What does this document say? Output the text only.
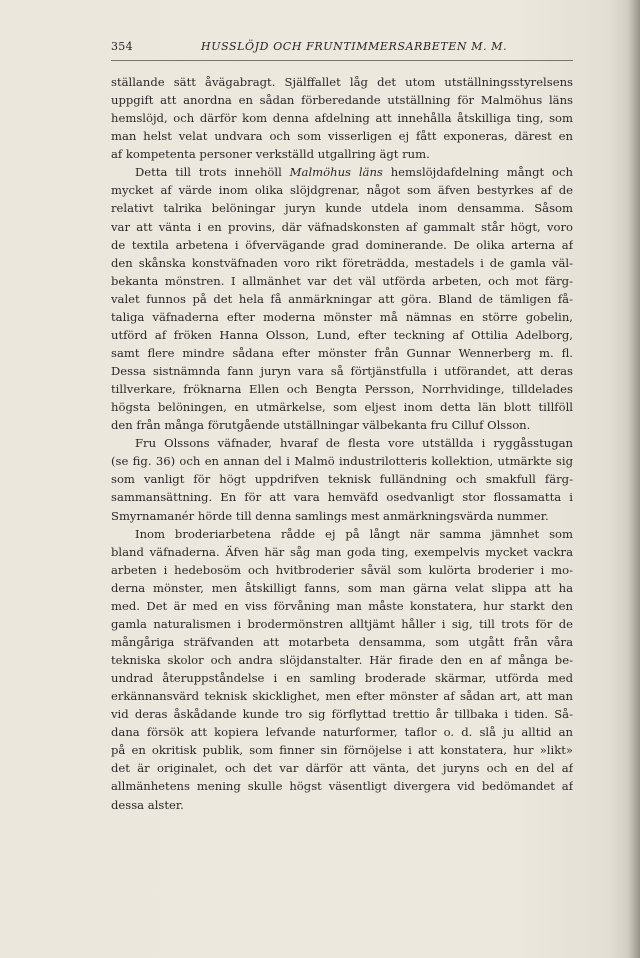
354	HUSSLÖJD OCH FRUNTIMMERSARBETEN M. M.
ställande sätt åvägabragt. Själffallet låg det utom utställningsstyrelsens
uppgift att anordna en sådan förberedande utställning för Malmöhus läns
hemslöjd, och därför kom denna afdelning att innehålla åtskilliga ting, som
man helst velat undvara och som visserligen ej fått exponeras, därest en
af kompetenta personer verkställd utgallring ägt rum.
Detta till trots innehöll Malmöhus läns hemslöjdafdelning mångt och
mycket af värde inom olika slöjdgrenar, något som äfven bestyrkes af de
relativt talrika belöningar juryn kunde utdela inom densamma. Såsom
var att vänta i en provins, där väfnadskonsten af gammalt står högt, voro
de textila arbetena i öfvervägande grad dominerande. De olika arterna af
den skånska konstväfnaden voro rikt företrädda, mestadels i de gamla väl-
bekanta mönstren. I allmänhet var det väl utförda arbeten, och mot färg-
valet funnos på det hela få anmärkningar att göra. Bland de tämligen få-
taliga väfnaderna efter moderna mönster må nämnas en större gobelin,
utförd af fröken Hanna Olsson, Lund, efter teckning af Ottilia Adelborg,
samt flere mindre sådana efter mönster från Gunnar Wennerberg m. fl.
Dessa sistnämnda fann juryn vara så förtjänstfulla i utförandet, att deras
tillverkare, fröknarna Ellen och Bengta Persson, Norrhvidinge, tilldelades
högsta belöningen, en utmärkelse, som eljest inom detta län blott tillföll
den från många förutgående utställningar välbekanta fru Cilluf Olsson.
Fru Olssons väfnader, hvaraf de flesta vore utställda i ryggåsstugan
(se fig. 36) och en annan del i Malmö industrilotteris kollektion, utmärkte sig
som vanligt för högt uppdrifven teknisk fulländning och smakfull färg-
sammansättning. En för att vara hemväfd osedvanligt stor flossamatta i
Smyrnamanér hörde till denna samlings mest anmärkningsvärda nummer.
Inom broderiarbetena rådde ej på långt när samma jämnhet som
bland väfnaderna. Äfven här såg man goda ting, exempelvis mycket vackra
arbeten i hedebosöm och hvitbroderier såväl som kulörta broderier i mo-
derna mönster, men åtskilligt fanns, som man gärna velat slippa att ha
med. Det är med en viss förvåning man måste konstatera, hur starkt den
gamla naturalismen i brodermönstren alltjämt håller i sig, till trots för de
mångåriga sträfvanden att motarbeta densamma, som utgått från våra
tekniska skolor och andra slöjdanstalter. Här firade den en af många be-
undrad återuppståndelse i en samling broderade skärmar, utförda med
erkännansvärd teknisk skicklighet, men efter mönster af sådan art, att man
vid deras åskådande kunde tro sig förflyttad trettio år tillbaka i tiden. Så-
dana försök att kopiera lefvande naturformer, taflor o. d. slå ju alltid an
på en okritisk publik, som finner sin förnöjelse i att konstatera, hur »likt»
det är originalet, och det var därför att vänta, det juryns och en del af
allmänhetens mening skulle högst väsentligt divergera vid bedömandet af
dessa alster.
